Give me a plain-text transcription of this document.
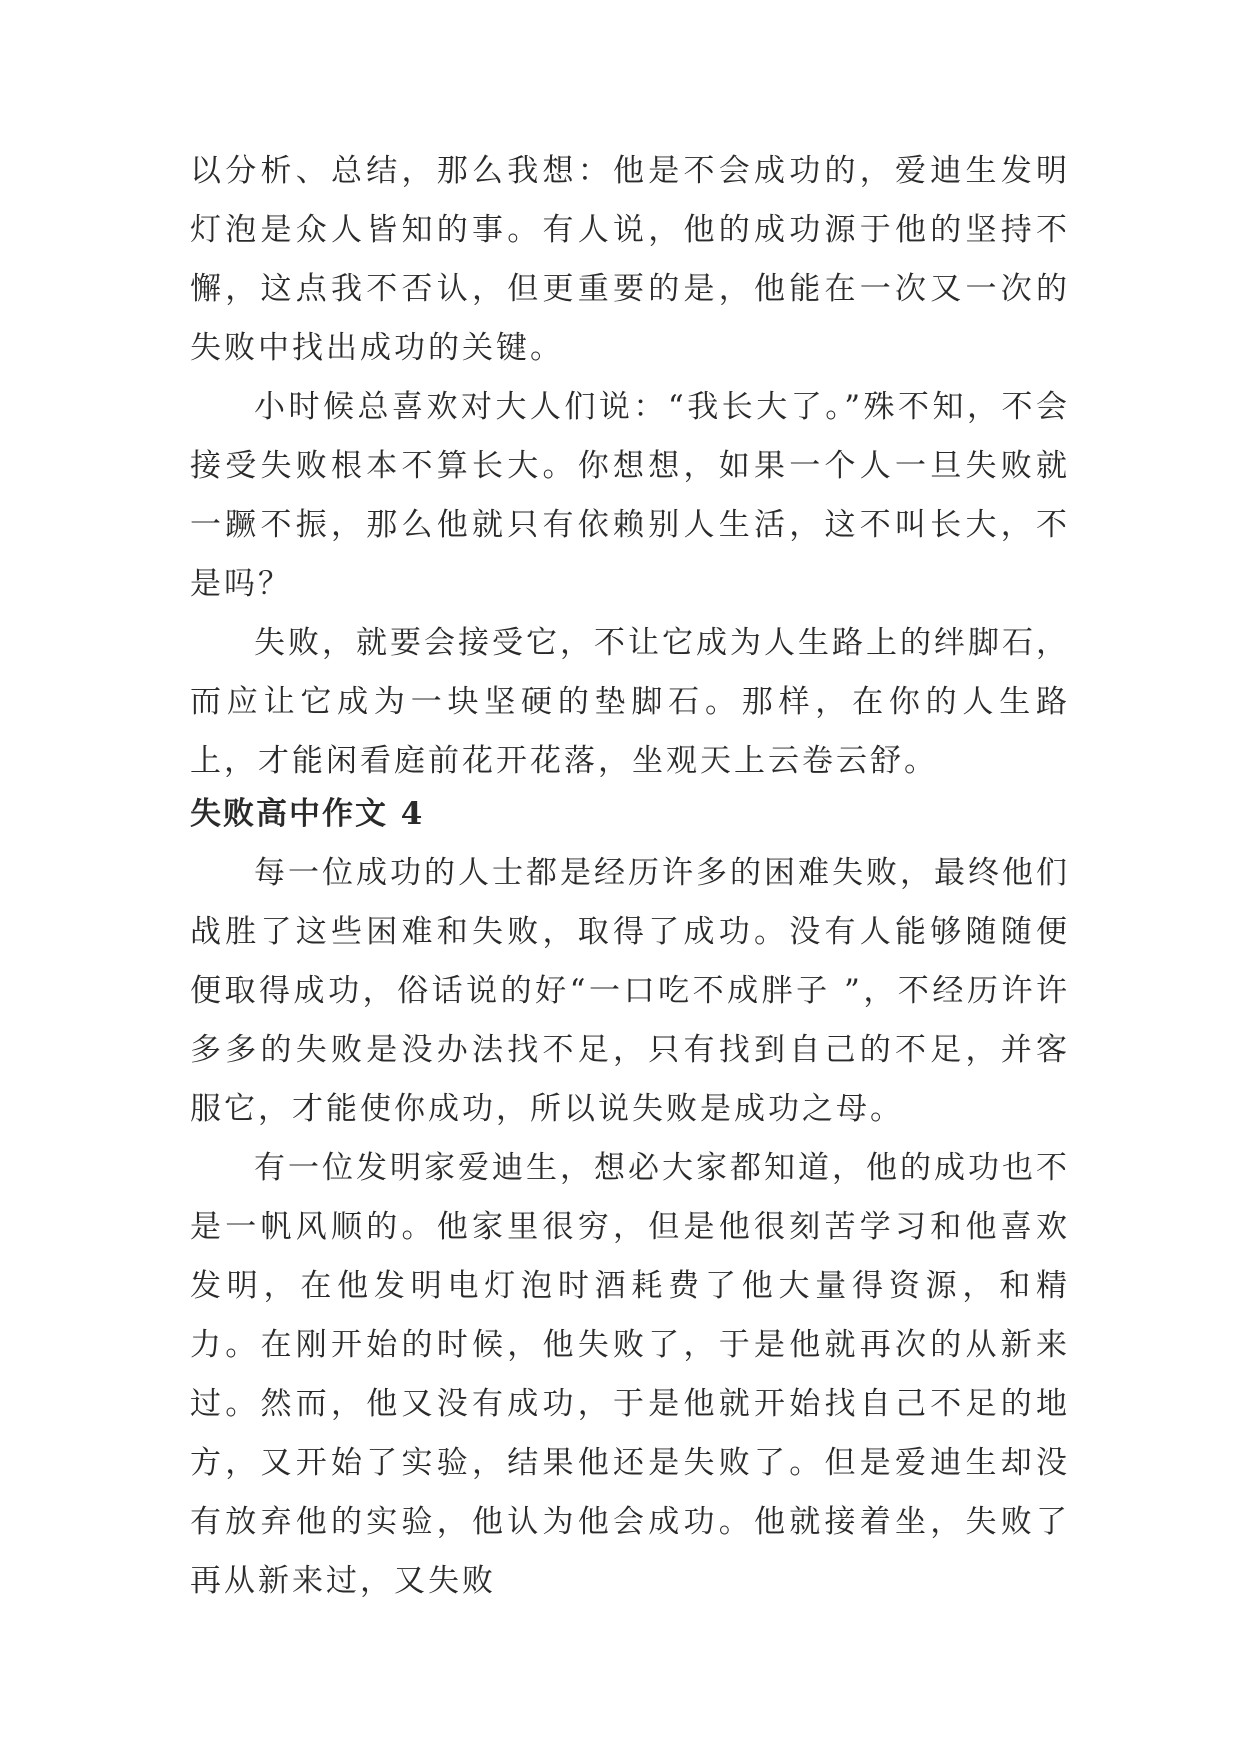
以分析、总结，那么我想：他是不会成功的，爱迪生发明灯泡是众人皆知的事。有人说，他的成功源于他的坚持不懈，这点我不否认，但更重要的是，他能在一次又一次的失败中找出成功的关键。

小时候总喜欢对大人们说：“我长大了。”殊不知，不会接受失败根本不算长大。你想想，如果一个人一旦失败就一蹶不振，那么他就只有依赖别人生活，这不叫长大，不是吗？

失败，就要会接受它，不让它成为人生路上的绊脚石，而应让它成为一块坚硬的垫脚石。那样，在你的人生路上，才能闲看庭前花开花落，坐观天上云卷云舒。

失败高中作文 4

每一位成功的人士都是经历许多的困难失败，最终他们战胜了这些困难和失败，取得了成功。没有人能够随随便便取得成功，俗话说的好“一口吃不成胖子 ”，不经历许许多多的失败是没办法找不足，只有找到自己的不足，并客服它，才能使你成功，所以说失败是成功之母。

有一位发明家爱迪生，想必大家都知道，他的成功也不是一帆风顺的。他家里很穷，但是他很刻苦学习和他喜欢发明，在他发明电灯泡时酒耗费了他大量得资源，和精力。在刚开始的时候，他失败了，于是他就再次的从新来过。然而，他又没有成功，于是他就开始找自己不足的地方，又开始了实验，结果他还是失败了。但是爱迪生却没有放弃他的实验，他认为他会成功。他就接着坐，失败了再从新来过，又失败
